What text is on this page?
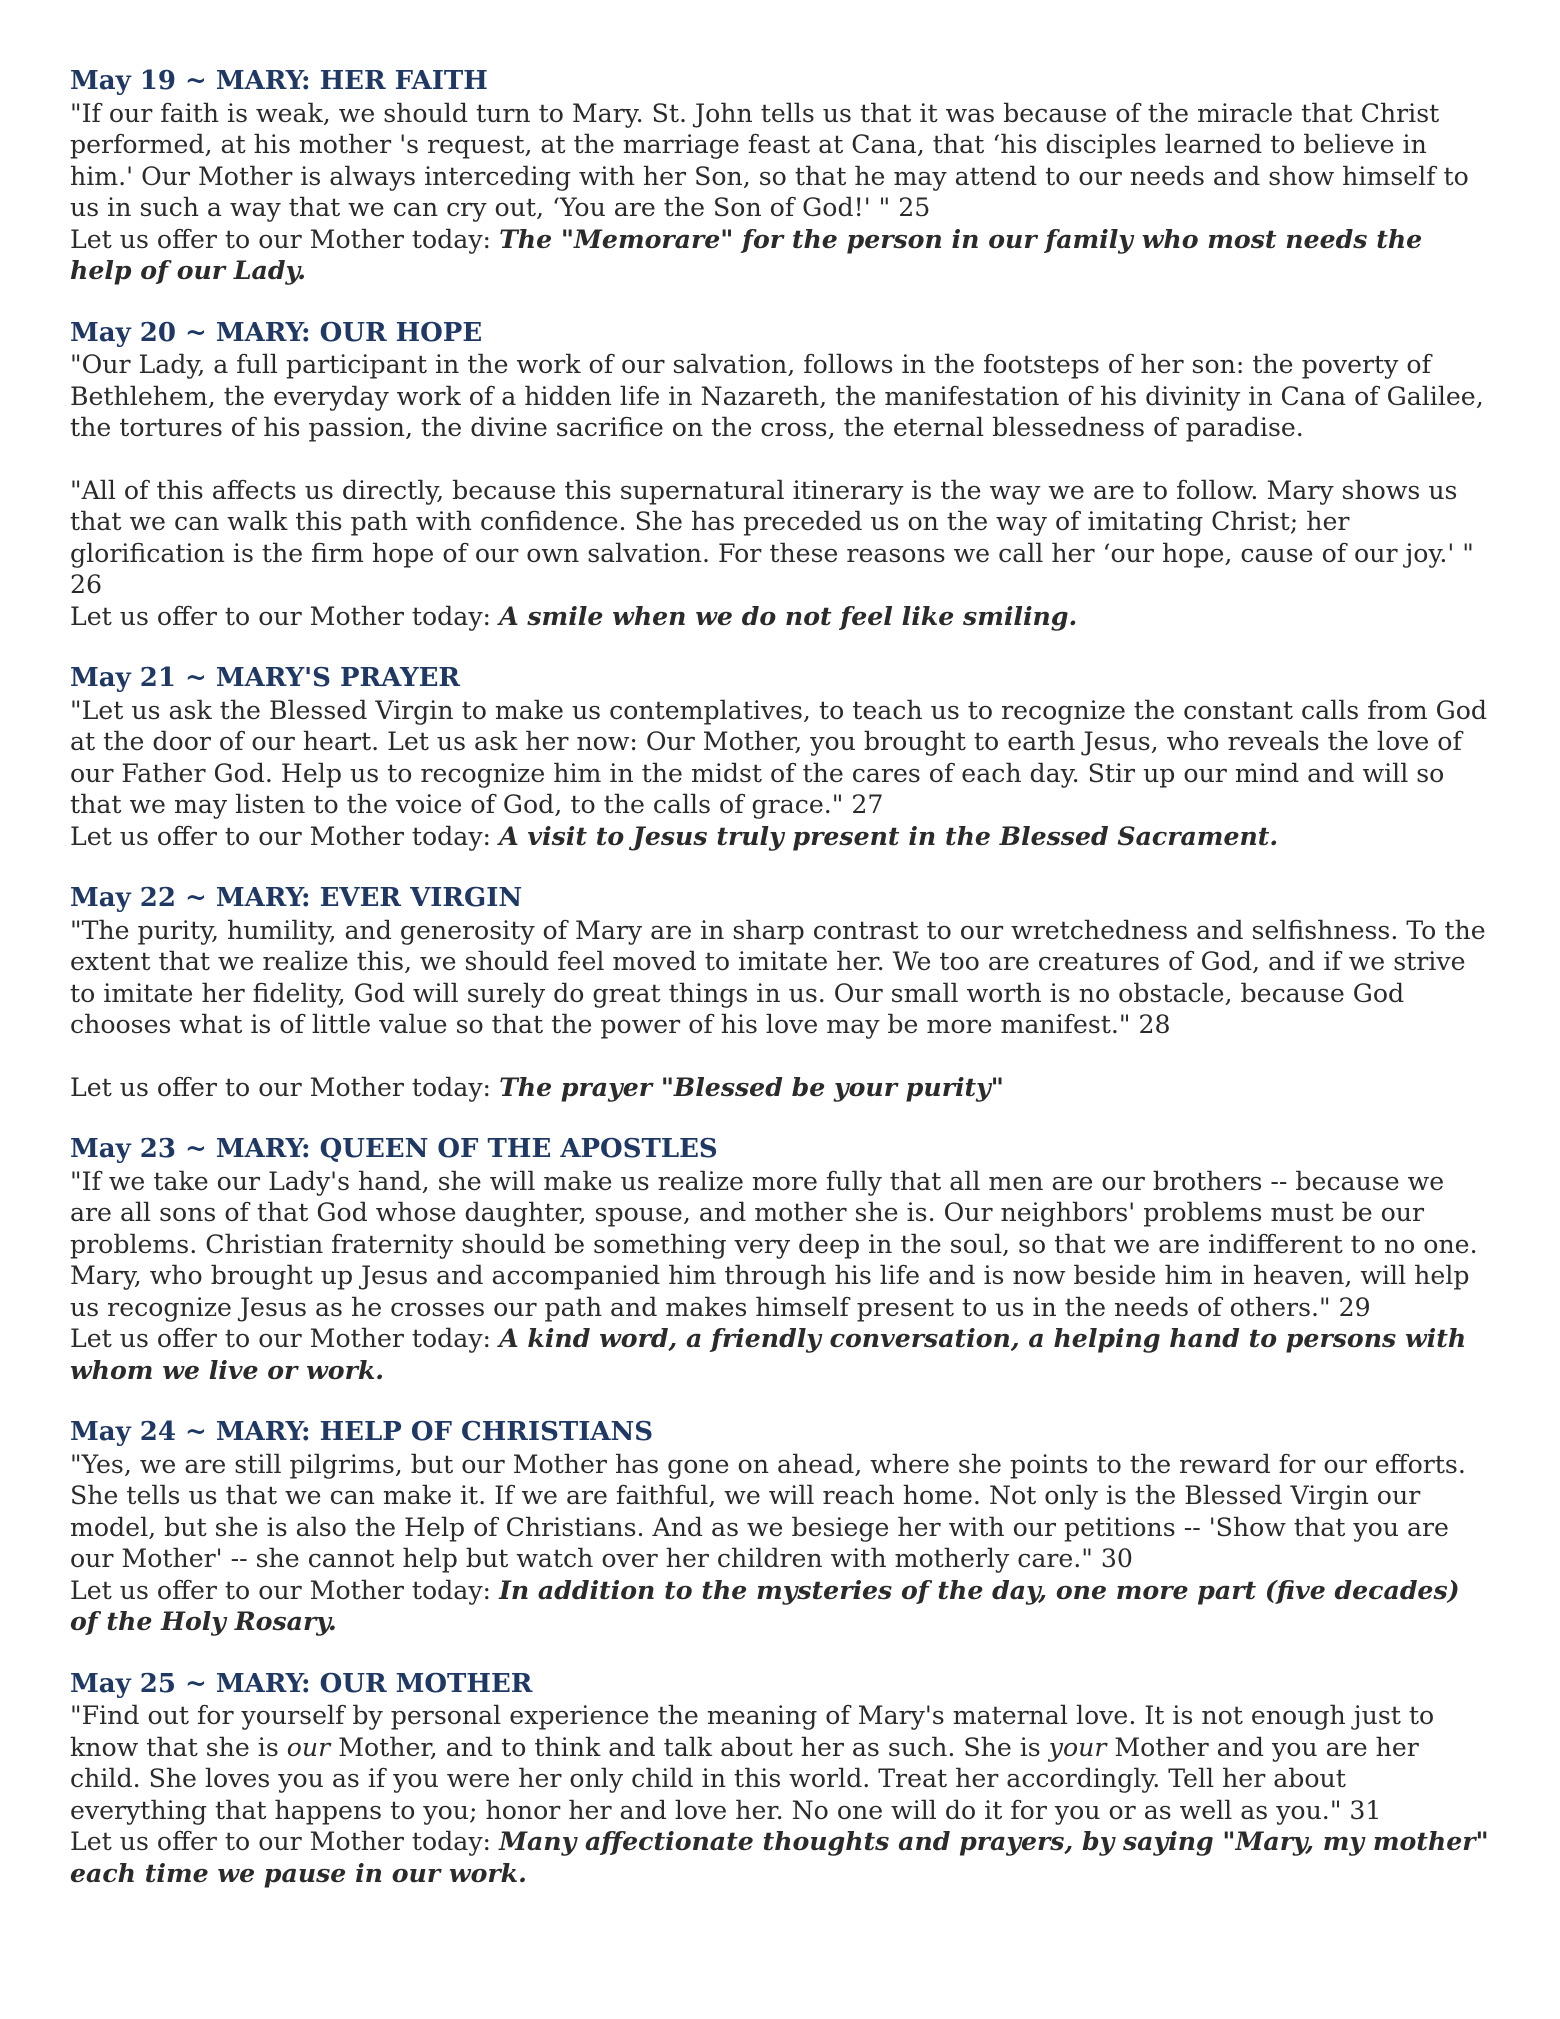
May 19 ~ MARY: HER FAITH

"If our faith is weak, we should turn to Mary. St. John tells us that it was because of the miracle that Christ performed, at his mother 's request, at the marriage feast at Cana, that ‘his disciples learned to believe in him.' Our Mother is always interceding with her Son, so that he may attend to our needs and show himself to us in such a way that we can cry out, ‘You are the Son of God!' " 25

Let us offer to our Mother today: The "Memorare" for the person in our family who most needs the help of our Lady.

May 20 ~ MARY: OUR HOPE

"Our Lady, a full participant in the work of our salvation, follows in the footsteps of her son: the poverty of Bethlehem, the everyday work of a hidden life in Nazareth, the manifestation of his divinity in Cana of Galilee, the tortures of his passion, the divine sacrifice on the cross, the eternal blessedness of paradise.

"All of this affects us directly, because this supernatural itinerary is the way we are to follow. Mary shows us that we can walk this path with confidence. She has preceded us on the way of imitating Christ; her glorification is the firm hope of our own salvation. For these reasons we call her ‘our hope, cause of our joy.' " 26

Let us offer to our Mother today: A smile when we do not feel like smiling.

May 21 ~ MARY'S PRAYER

"Let us ask the Blessed Virgin to make us contemplatives, to teach us to recognize the constant calls from God at the door of our heart. Let us ask her now: Our Mother, you brought to earth Jesus, who reveals the love of our Father God. Help us to recognize him in the midst of the cares of each day. Stir up our mind and will so that we may listen to the voice of God, to the calls of grace." 27

Let us offer to our Mother today: A visit to Jesus truly present in the Blessed Sacrament.

May 22 ~ MARY: EVER VIRGIN

"The purity, humility, and generosity of Mary are in sharp contrast to our wretchedness and selfishness. To the extent that we realize this, we should feel moved to imitate her. We too are creatures of God, and if we strive to imitate her fidelity, God will surely do great things in us. Our small worth is no obstacle, because God chooses what is of little value so that the power of his love may be more manifest." 28

Let us offer to our Mother today: The prayer "Blessed be your purity"

May 23 ~ MARY: QUEEN OF THE APOSTLES

"If we take our Lady's hand, she will make us realize more fully that all men are our brothers -- because we are all sons of that God whose daughter, spouse, and mother she is. Our neighbors' problems must be our problems. Christian fraternity should be something very deep in the soul, so that we are indifferent to no one. Mary, who brought up Jesus and accompanied him through his life and is now beside him in heaven, will help us recognize Jesus as he crosses our path and makes himself present to us in the needs of others." 29

Let us offer to our Mother today: A kind word, a friendly conversation, a helping hand to persons with whom we live or work.

May 24 ~ MARY: HELP OF CHRISTIANS

"Yes, we are still pilgrims, but our Mother has gone on ahead, where she points to the reward for our efforts. She tells us that we can make it. If we are faithful, we will reach home. Not only is the Blessed Virgin our model, but she is also the Help of Christians. And as we besiege her with our petitions -- 'Show that you are our Mother' -- she cannot help but watch over her children with motherly care." 30

Let us offer to our Mother today: In addition to the mysteries of the day, one more part (five decades) of the Holy Rosary.

May 25 ~ MARY: OUR MOTHER

"Find out for yourself by personal experience the meaning of Mary's maternal love. It is not enough just to know that she is our Mother, and to think and talk about her as such. She is your Mother and you are her child. She loves you as if you were her only child in this world. Treat her accordingly. Tell her about everything that happens to you; honor her and love her. No one will do it for you or as well as you." 31

Let us offer to our Mother today: Many affectionate thoughts and prayers, by saying "Mary, my mother" each time we pause in our work.
